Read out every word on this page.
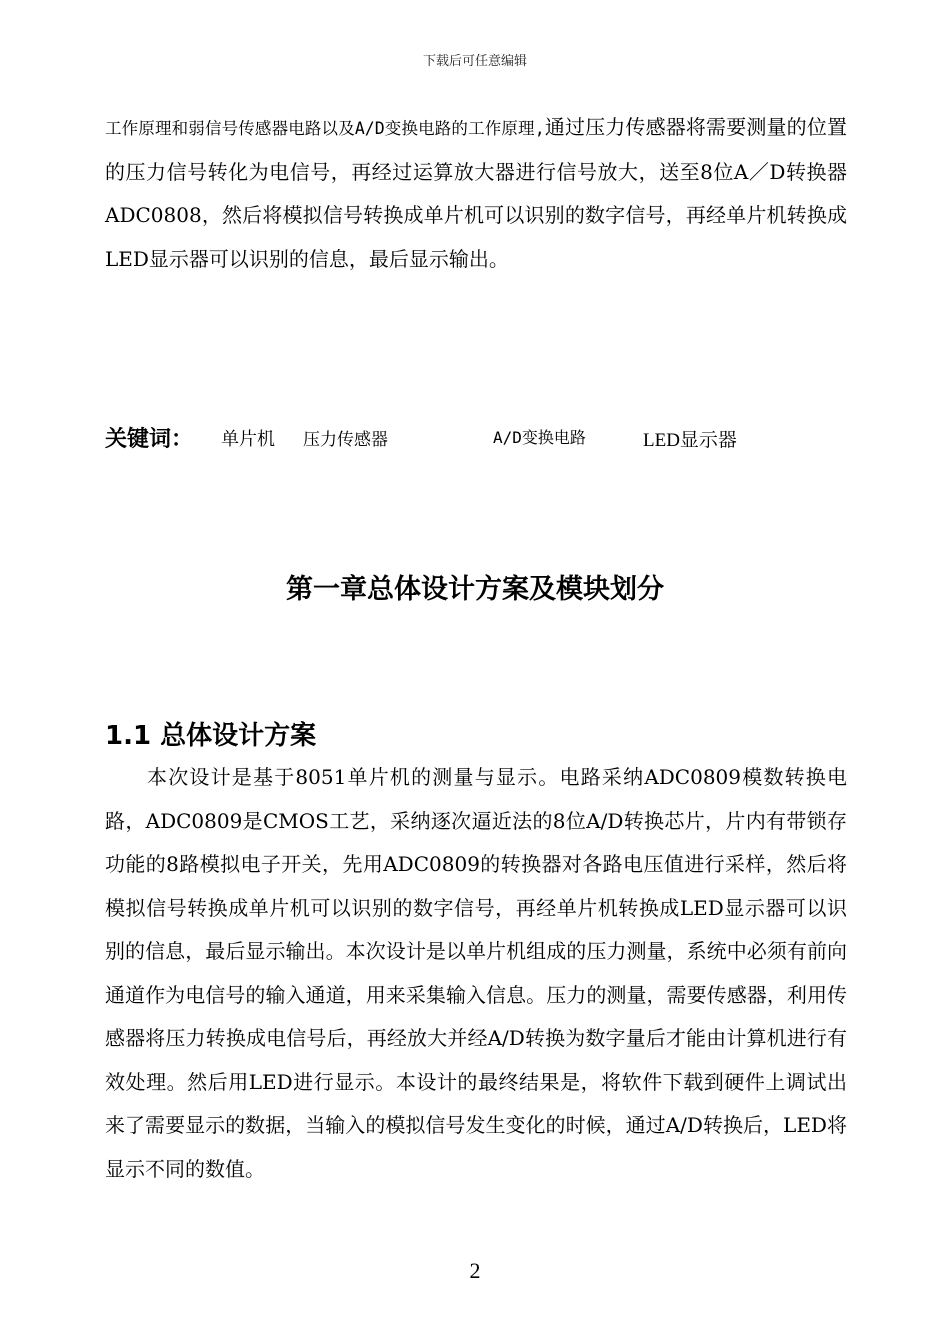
下载后可任意编辑

工作原理和弱信号传感器电路以及A/D变换电路的工作原理,通过压力传感器将需要测量的位置的压力信号转化为电信号，再经过运算放大器进行信号放大，送至8位A／D转换器ADC0808，然后将模拟信号转换成单片机可以识别的数字信号，再经单片机转换成LED显示器可以识别的信息，最后显示输出。

关键词： 单片机 压力传感器	A/D变换电路	LED显示器
第一章总体设计方案及模块划分
1.1 总体设计方案

本次设计是基于8051单片机的测量与显示。电路采纳ADC0809模数转换电路，ADC0809是CMOS工艺，采纳逐次逼近法的8位A/D转换芯片，片内有带锁存功能的8路模拟电子开关，先用ADC0809的转换器对各路电压值进行采样，然后将模拟信号转换成单片机可以识别的数字信号，再经单片机转换成LED显示器可以识别的信息，最后显示输出。本次设计是以单片机组成的压力测量，系统中必须有前向通道作为电信号的输入通道，用来采集输入信息。压力的测量，需要传感器，利用传感器将压力转换成电信号后，再经放大并经A/D转换为数字量后才能由计算机进行有效处理。然后用LED进行显示。本设计的最终结果是，将软件下载到硬件上调试出来了需要显示的数据，当输入的模拟信号发生变化的时候，通过A/D转换后，LED将显示不同的数值。

2
